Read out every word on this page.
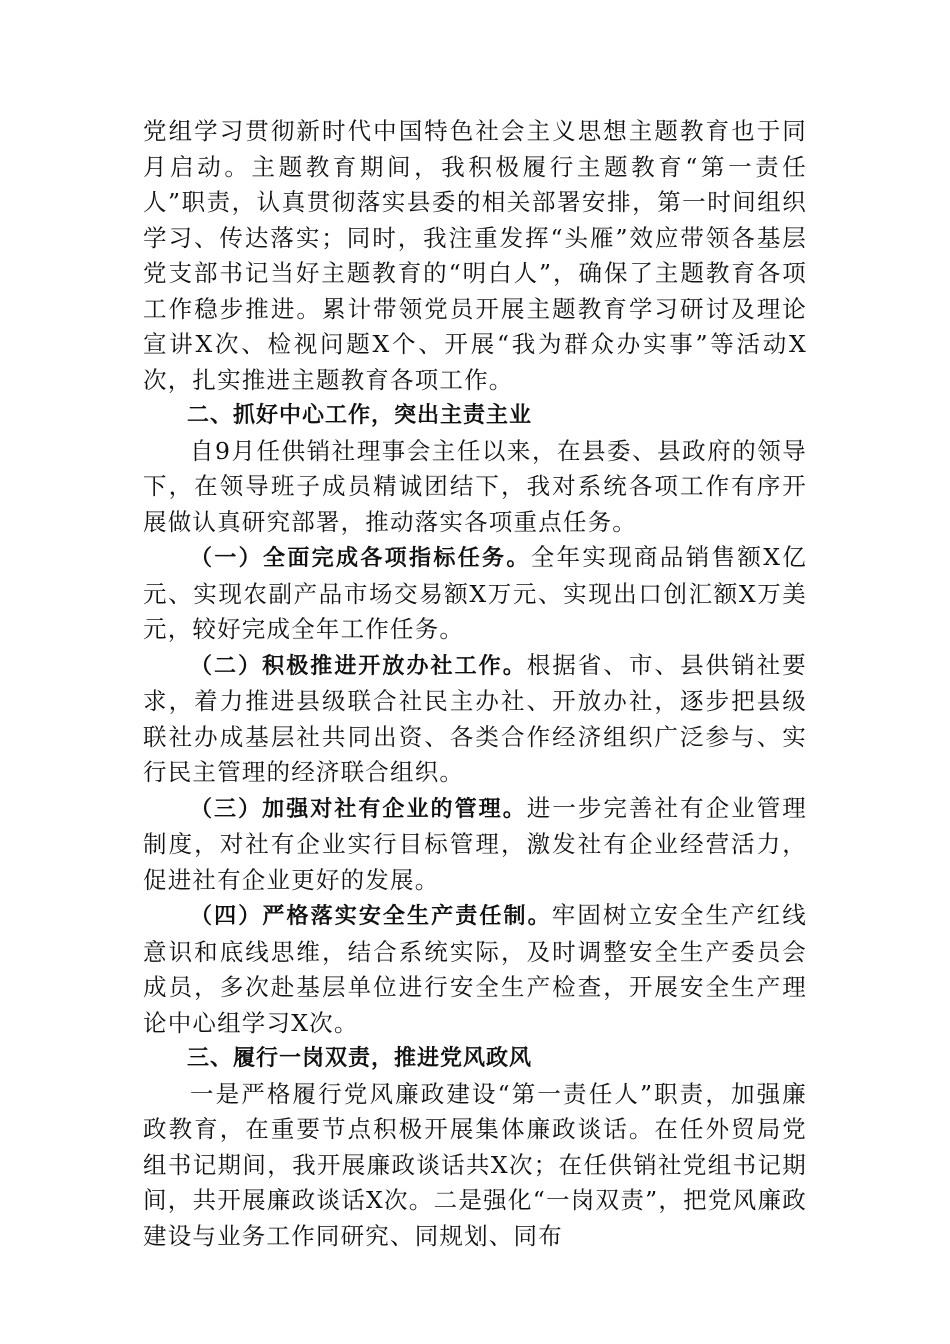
党组学习贯彻新时代中国特色社会主义思想主题教育也于同月启动。主题教育期间，我积极履行主题教育“第一责任人”职责，认真贯彻落实县委的相关部署安排，第一时间组织学习、传达落实；同时，我注重发挥“头雁”效应带领各基层党支部书记当好主题教育的“明白人”，确保了主题教育各项工作稳步推进。累计带领党员开展主题教育学习研讨及理论宣讲X次、检视问题X个、开展“我为群众办实事”等活动X次，扎实推进主题教育各项工作。

二、抓好中心工作，突出主责主业

自9月任供销社理事会主任以来，在县委、县政府的领导下，在领导班子成员精诚团结下，我对系统各项工作有序开展做认真研究部署，推动落实各项重点任务。

（一）全面完成各项指标任务。全年实现商品销售额X亿元、实现农副产品市场交易额X万元、实现出口创汇额X万美元，较好完成全年工作任务。

（二）积极推进开放办社工作。根据省、市、县供销社要求，着力推进县级联合社民主办社、开放办社，逐步把县级联社办成基层社共同出资、各类合作经济组织广泛参与、实行民主管理的经济联合组织。

（三）加强对社有企业的管理。进一步完善社有企业管理制度，对社有企业实行目标管理，激发社有企业经营活力，促进社有企业更好的发展。

（四）严格落实安全生产责任制。牢固树立安全生产红线意识和底线思维，结合系统实际，及时调整安全生产委员会成员，多次赴基层单位进行安全生产检查，开展安全生产理论中心组学习X次。

三、履行一岗双责，推进党风政风

一是严格履行党风廉政建设“第一责任人”职责，加强廉政教育，在重要节点积极开展集体廉政谈话。在任外贸局党组书记期间，我开展廉政谈话共X次；在任供销社党组书记期间，共开展廉政谈话X次。二是强化“一岗双责”，把党风廉政建设与业务工作同研究、同规划、同布
